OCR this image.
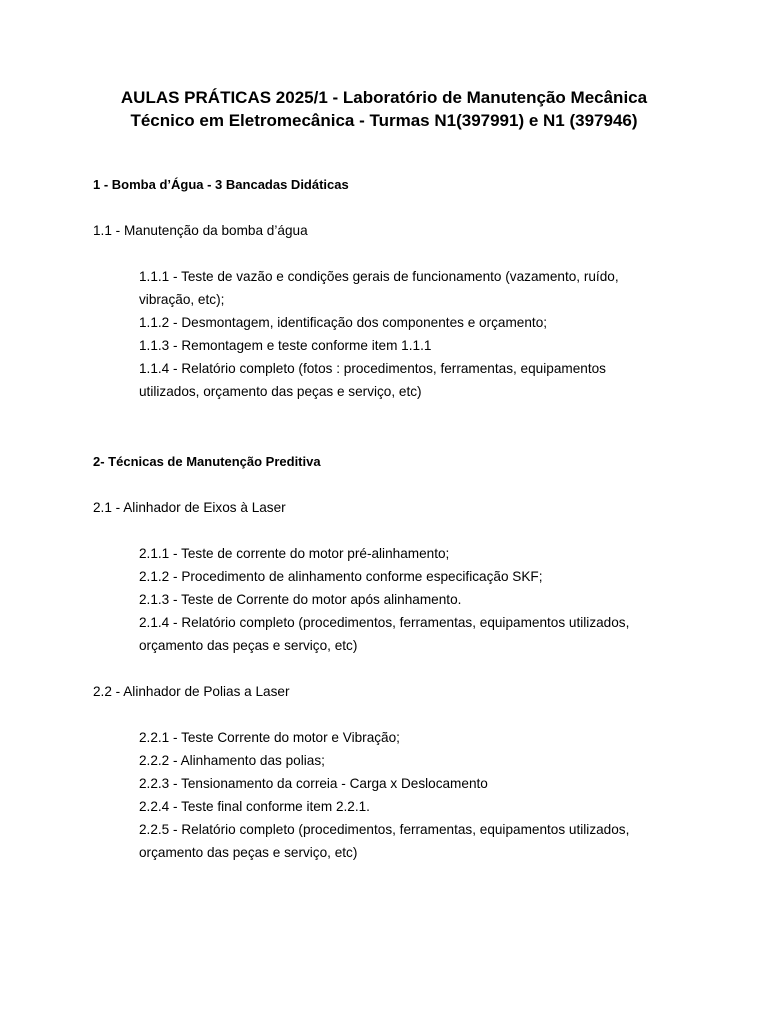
AULAS PRÁTICAS 2025/1 - Laboratório de Manutenção Mecânica
Técnico em Eletromecânica - Turmas N1(397991) e N1 (397946)
1 - Bomba d’Água - 3 Bancadas Didáticas
1.1 - Manutenção da bomba d’água
1.1.1 - Teste de vazão e condições gerais de funcionamento (vazamento, ruído,
vibração, etc);
1.1.2 - Desmontagem, identificação dos componentes e orçamento;
1.1.3 - Remontagem e teste conforme item 1.1.1
1.1.4 - Relatório completo (fotos : procedimentos, ferramentas, equipamentos
utilizados, orçamento das peças e serviço, etc)
2- Técnicas de Manutenção Preditiva
2.1 - Alinhador de Eixos à Laser
2.1.1 - Teste de corrente do motor pré-alinhamento;
2.1.2 - Procedimento de alinhamento conforme especificação SKF;
2.1.3 - Teste de Corrente do motor após alinhamento.
2.1.4 - Relatório completo (procedimentos, ferramentas, equipamentos utilizados,
orçamento das peças e serviço, etc)
2.2 - Alinhador de Polias a Laser
2.2.1 - Teste Corrente do motor e Vibração;
2.2.2 - Alinhamento das polias;
2.2.3 - Tensionamento da correia - Carga x Deslocamento
2.2.4 - Teste final conforme item 2.2.1.
2.2.5 - Relatório completo (procedimentos, ferramentas, equipamentos utilizados,
orçamento das peças e serviço, etc)
